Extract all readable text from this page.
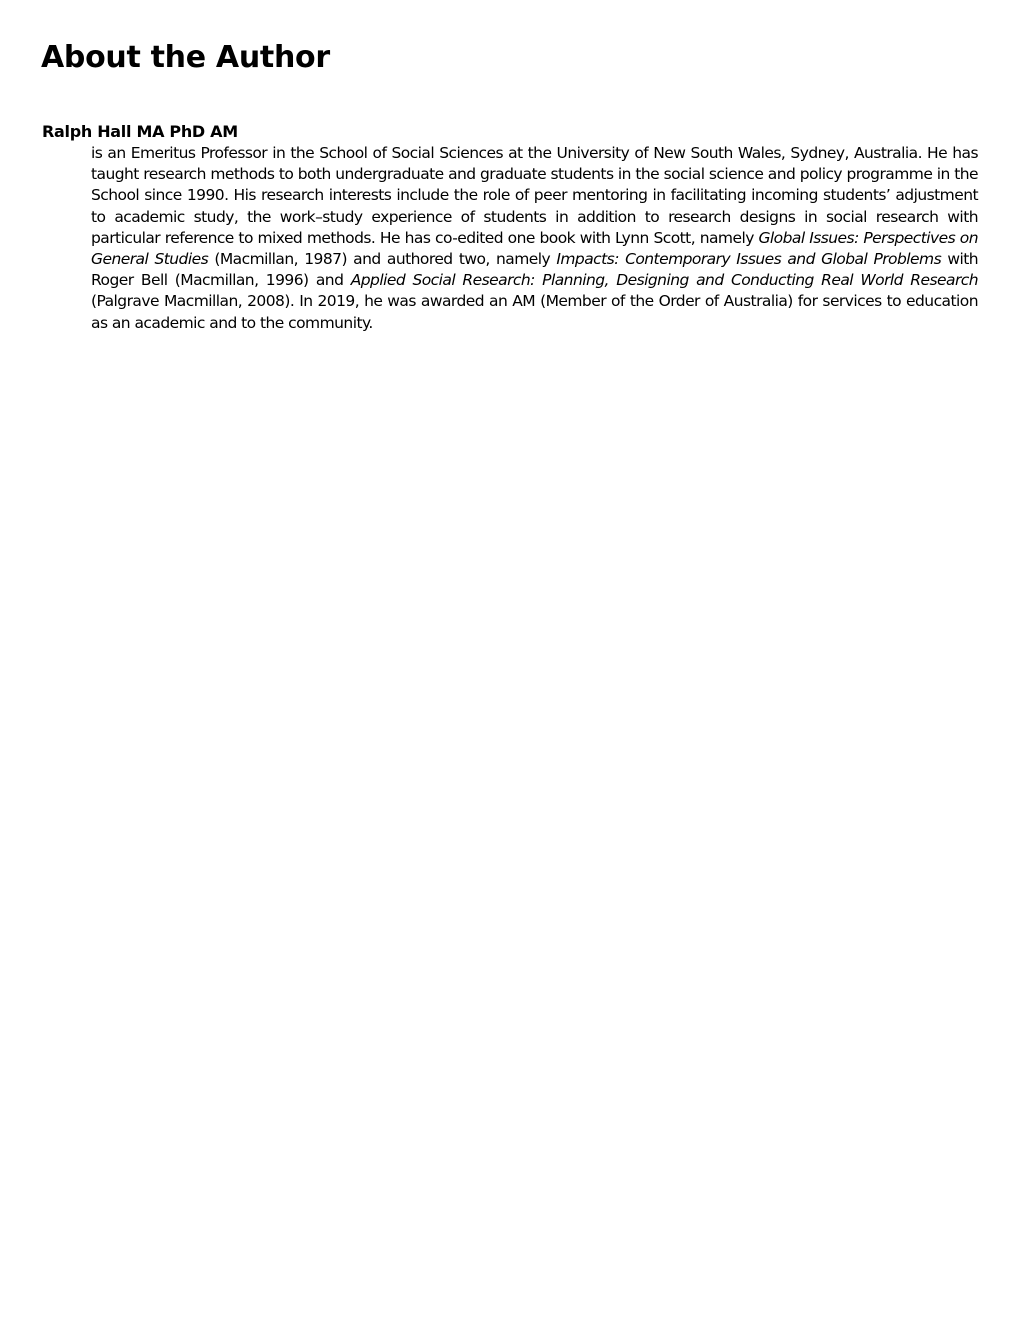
About the Author
Ralph Hall MA PhD AM

is an Emeritus Professor in the School of Social Sciences at the University of New South Wales, Sydney, Australia. He has taught research methods to both undergraduate and graduate students in the social science and policy programme in the School since 1990. His research interests include the role of peer mentoring in facilitating incoming students’ adjustment to academic study, the work–study experience of students in addition to research designs in social research with particular reference to mixed methods. He has co-edited one book with Lynn Scott, namely Global Issues: Perspectives on General Studies (Macmillan, 1987) and authored two, namely Impacts: Contemporary Issues and Global Problems with Roger Bell (Macmillan, 1996) and Applied Social Research: Planning, Designing and Conducting Real World Research (Palgrave Macmillan, 2008). In 2019, he was awarded an AM (Member of the Order of Australia) for services to education as an academic and to the community.
